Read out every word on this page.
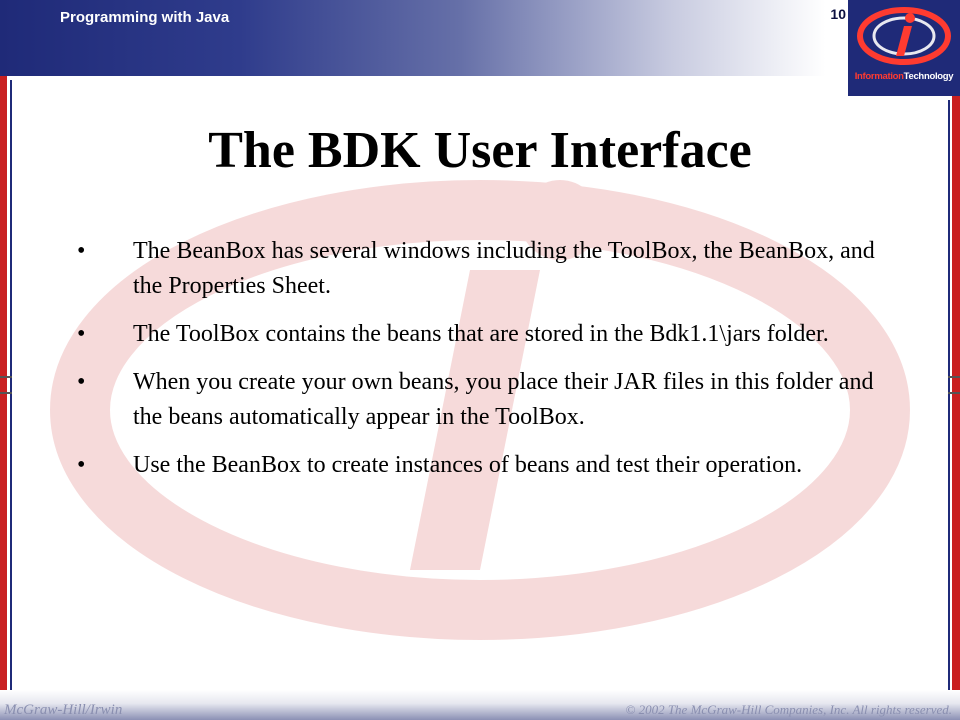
Programming with Java	10
InformationTechnology
The BDK User Interface
• The BeanBox has several windows including the ToolBox, the BeanBox, and the Properties Sheet.
• The ToolBox contains the beans that are stored in the Bdk1.1\jars folder.
• When you create your own beans, you place their JAR files in this folder and the beans automatically appear in the ToolBox.
• Use the BeanBox to create instances of beans and test their operation.
McGraw-Hill/Irwin	© 2002 The McGraw-Hill Companies, Inc. All rights reserved.
